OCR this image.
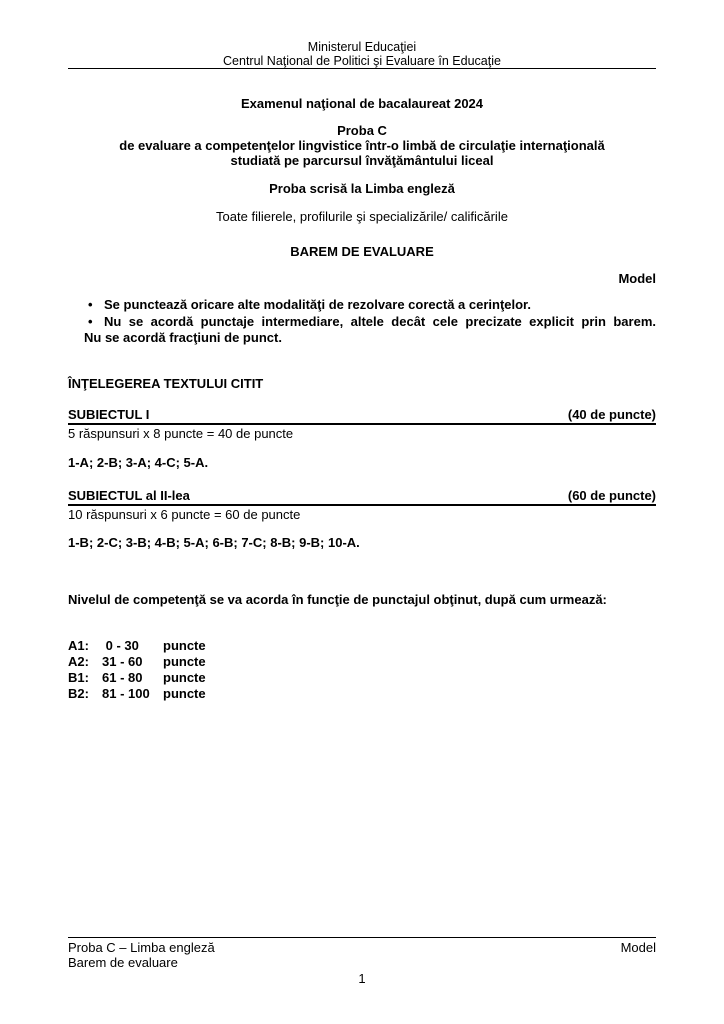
Ministerul Educaţiei
Centrul Naţional de Politici şi Evaluare în Educaţie
Examenul naţional de bacalaureat 2024
Proba C
de evaluare a competenţelor lingvistice într-o limbă de circulaţie internaţională
studiată pe parcursul învăţământului liceal
Proba scrisă la Limba engleză
Toate filierele, profilurile şi specializările/ calificările
BAREM DE EVALUARE
Model
• Se punctează oricare alte modalităţi de rezolvare corectă a cerinţelor.
• Nu se acordă punctaje intermediare, altele decât cele precizate explicit prin barem.
Nu se acordă fracţiuni de punct.
ÎNŢELEGEREA TEXTULUI CITIT
SUBIECTUL I	(40 de puncte)
5 răspunsuri x 8 puncte = 40 de puncte
1-A; 2-B; 3-A; 4-C; 5-A.
SUBIECTUL al II-lea	(60 de puncte)
10 răspunsuri x 6 puncte = 60 de puncte
1-B; 2-C; 3-B; 4-B; 5-A; 6-B; 7-C; 8-B; 9-B; 10-A.
Nivelul de competenţă se va acorda în funcţie de punctajul obţinut, după cum urmează:
A1:	0 - 30	puncte
A2:	31 - 60	puncte
B1:	61 - 80	puncte
B2:	81 - 100	puncte
Proba C – Limba engleză	Model
Barem de evaluare
1
